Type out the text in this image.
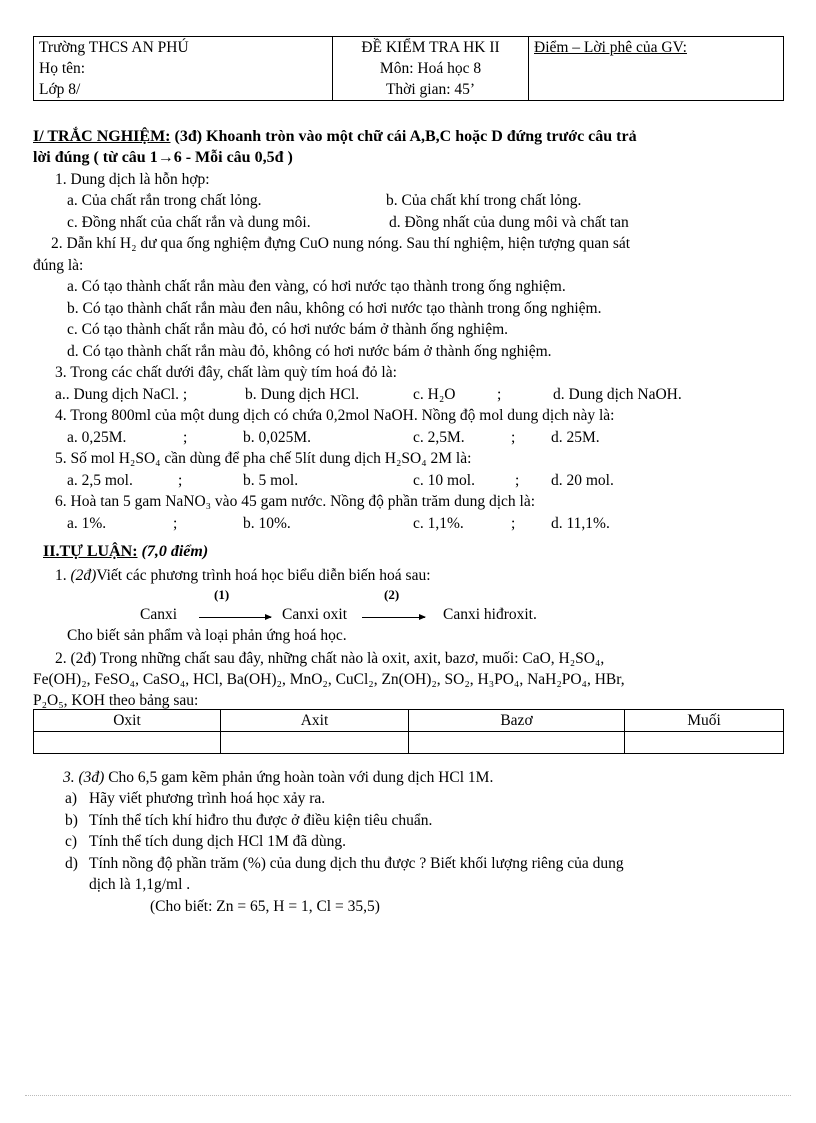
Trường THCS AN PHÚ
Họ tên:
Lớp 8/

ĐỀ KIỂM TRA HK II
Môn: Hoá học 8
Thời gian: 45’

Điểm – Lời phê của GV:
I/ TRẮC NGHIỆM: (3đ) Khoanh tròn vào một chữ cái A,B,C hoặc D đứng trước câu trả
lời đúng ( từ câu 1→6 - Mỗi câu 0,5đ )
1. Dung dịch là hỗn hợp:
a. Của chất rắn trong chất lỏng.	b. Của chất khí trong chất lỏng.
c. Đồng nhất của chất rắn và dung môi.	d. Đồng nhất của dung môi và chất tan
2. Dẫn khí H₂ dư qua ống nghiệm đựng CuO nung nóng. Sau thí nghiệm, hiện tượng quan sát
đúng là:
a. Có tạo thành chất rắn màu đen vàng, có hơi nước tạo thành trong ống nghiệm.
b. Có tạo thành chất rắn màu đen nâu, không có hơi nước tạo thành trong ống nghiệm.
c. Có tạo thành chất rắn màu đỏ, có hơi nước bám ở thành ống nghiệm.
d. Có tạo thành chất rắn màu đỏ, không có hơi nước bám ở thành ống nghiệm.
3. Trong các chất dưới đây, chất làm quỳ tím hoá đỏ là:
a.. Dung dịch NaCl. ;	b. Dung dịch HCl.	c. H₂O	;	d. Dung dịch NaOH.
4. Trong 800ml của một dung dịch có chứa 0,2mol NaOH. Nồng độ mol dung dịch này là:
a. 0,25M.	;	b. 0,025M.	c. 2,5M.	; d. 25M.
5. Số mol H₂SO₄ cần dùng để pha chế 5lít dung dịch H₂SO₄ 2M là:
a. 2,5 mol.	;	b. 5 mol.	c. 10 mol.	; d. 20 mol.
6. Hoà tan 5 gam NaNO₃ vào 45 gam nước. Nồng độ phần trăm dung dịch là:
a. 1%.	;	b. 10%.	c. 1,1%.	; d. 11,1%.
II.TỰ LUẬN: (7,0 điểm)
1. (2đ)Viết các phương trình hoá học biểu diễn biến hoá sau:
(1)	(2)
Canxi	Canxi oxit	Canxi hiđroxit.
Cho biết sản phẩm và loại phản ứng hoá học.
2. (2đ) Trong những chất sau đây, những chất nào là oxit, axit, bazơ, muối: CaO, H₂SO₄,
Fe(OH)₂, FeSO₄, CaSO₄, HCl, Ba(OH)₂, MnO₂, CuCl₂, Zn(OH)₂, SO₂, H₃PO₄, NaH₂PO₄, HBr,
P₂O₅, KOH theo bảng sau:
Oxit	Axit	Bazơ	Muối

3. (3đ) Cho 6,5 gam kẽm phản ứng hoàn toàn với dung dịch HCl 1M.
a) Hãy viết phương trình hoá học xảy ra.
b) Tính thể tích khí hiđro thu được ở điều kiện tiêu chuẩn.
c) Tính thể tích dung dịch HCl 1M đã dùng.
d) Tính nồng độ phần trăm (%) của dung dịch thu được ? Biết khối lượng riêng của dung
dịch là 1,1g/ml .
(Cho biết: Zn = 65, H = 1, Cl = 35,5)
